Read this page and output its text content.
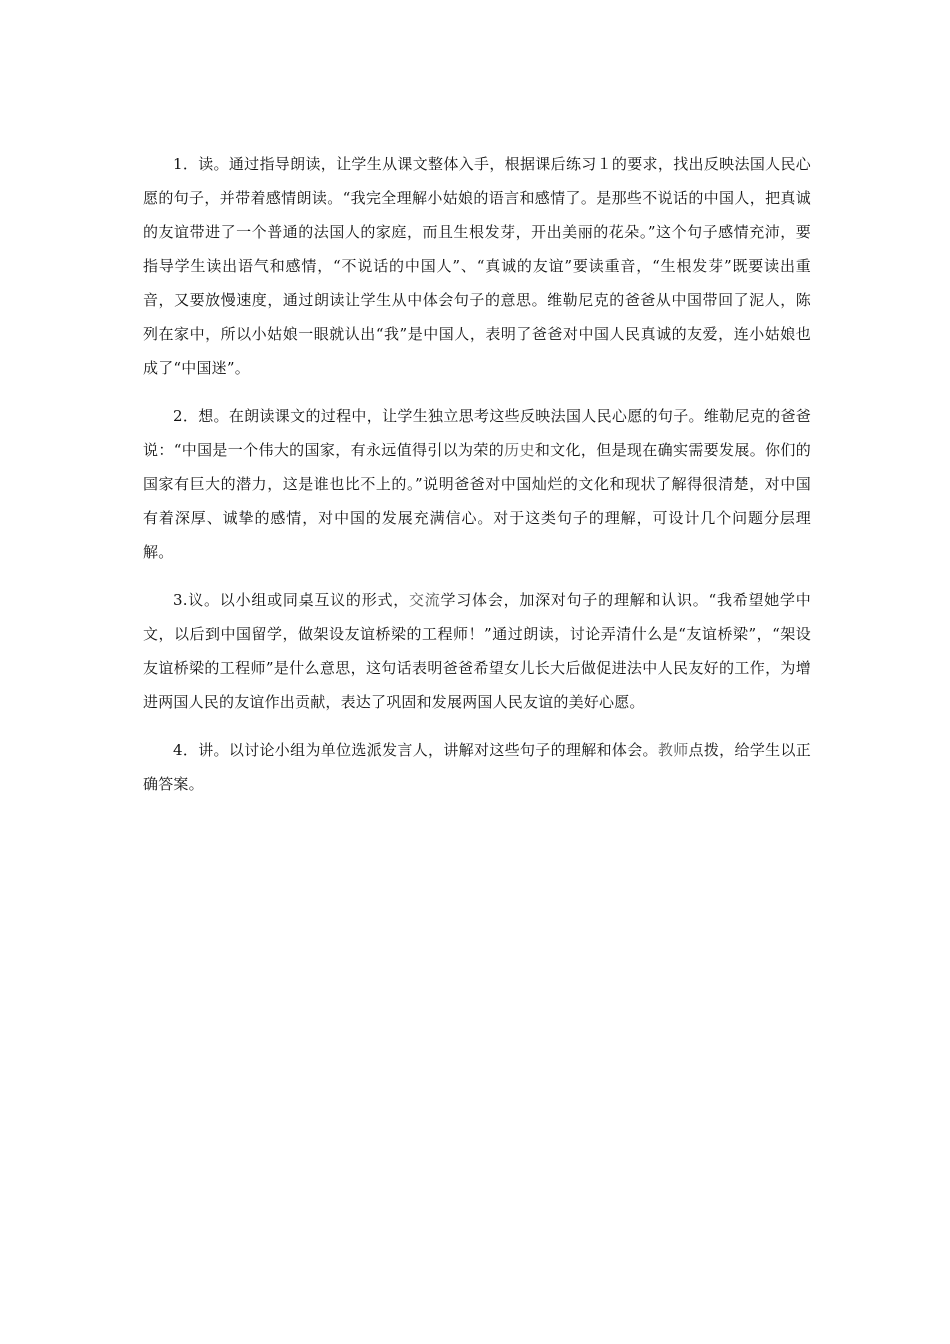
1．读。通过指导朗读，让学生从课文整体入手，根据课后练习１的要求，找出反映法国人民心愿的句子，并带着感情朗读。“我完全理解小姑娘的语言和感情了。是那些不说话的中国人，把真诚的友谊带进了一个普通的法国人的家庭，而且生根发芽，开出美丽的花朵。”这个句子感情充沛，要指导学生读出语气和感情，“不说话的中国人”、“真诚的友谊”要读重音，“生根发芽”既要读出重音，又要放慢速度，通过朗读让学生从中体会句子的意思。维勒尼克的爸爸从中国带回了泥人，陈列在家中，所以小姑娘一眼就认出“我”是中国人，表明了爸爸对中国人民真诚的友爱，连小姑娘也成了“中国迷”。

2．想。在朗读课文的过程中，让学生独立思考这些反映法国人民心愿的句子。维勒尼克的爸爸说：“中国是一个伟大的国家，有永远值得引以为荣的历史和文化，但是现在确实需要发展。你们的国家有巨大的潜力，这是谁也比不上的。”说明爸爸对中国灿烂的文化和现状了解得很清楚，对中国有着深厚、诚挚的感情，对中国的发展充满信心。对于这类句子的理解，可设计几个问题分层理解。

3.议。以小组或同桌互议的形式，交流学习体会，加深对句子的理解和认识。“我希望她学中文，以后到中国留学，做架设友谊桥梁的工程师！”通过朗读，讨论弄清什么是“友谊桥梁”，“架设友谊桥梁的工程师”是什么意思，这句话表明爸爸希望女儿长大后做促进法中人民友好的工作，为增进两国人民的友谊作出贡献，表达了巩固和发展两国人民友谊的美好心愿。

4．讲。以讨论小组为单位选派发言人，讲解对这些句子的理解和体会。教师点拨，给学生以正确答案。
